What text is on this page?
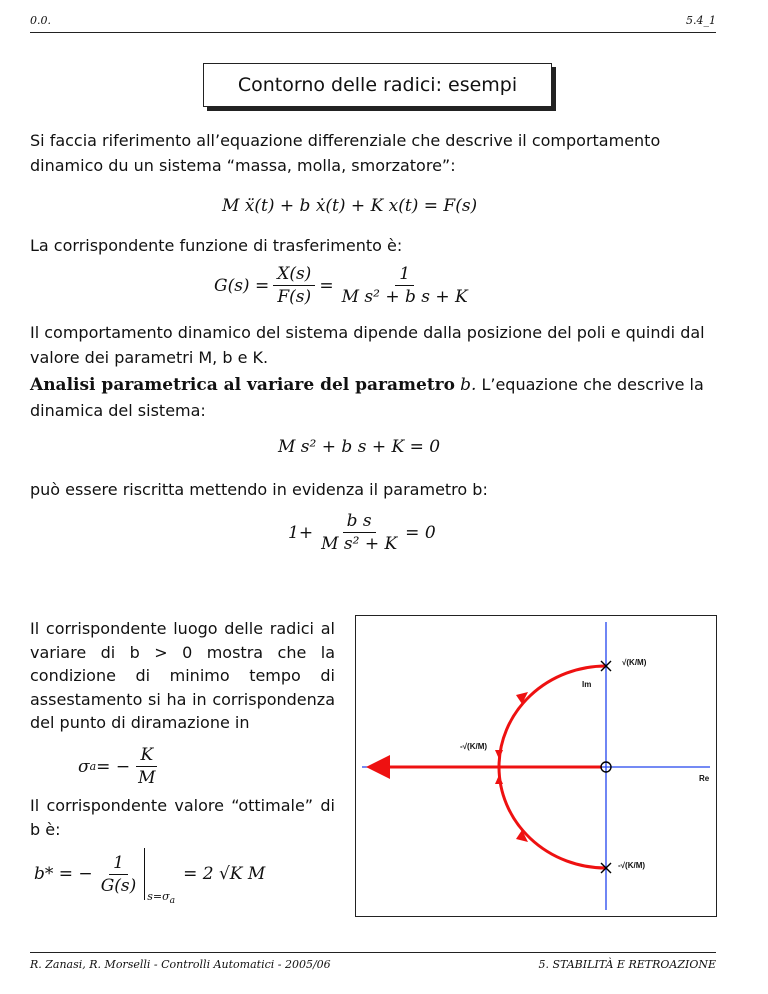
0.0.	5.4_1
Contorno delle radici: esempi
Si faccia riferimento all’equazione differenziale che descrive il comportamento dinamico du un sistema “massa, molla, smorzatore”:
M ẍ(t) + b ẋ(t) + K x(t) = F(s)
La corrispondente funzione di trasferimento è:
$G(s) = \frac{X(s)}{F(s)} = \frac{1}{\text{M s² + b s + K}}$
Il comportamento dinamico del sistema dipende dalla posizione del poli e quindi dal valore dei parametri M, b e K.
Analisi parametrica al variare del parametro b. L’equazione che descrive la dinamica del sistema:
M s² + b s + K = 0
può essere riscritta mettendo in evidenza il parametro b:
$1+ \frac{\text{b s}}{\text{M s² + K}} = 0$
Il corrispondente luogo delle radici al variare di b > 0 mostra che la condizione di minimo tempo di assestamento si ha in corrispondenza del punto di diramazione in
σ a = − $\frac{K}{M}$
Il corrispondente valore “ottimale” di b è:
b* = − $\frac{1}{G(s)} s=\sigma_a$
= 2 √K M
Im
Re
√(K/M)
-√(K/M)
-√(K/M)
R. Zanasi, R. Morselli - Controlli Automatici - 2005/06	5. STABILITÀ E RETROAZIONE
